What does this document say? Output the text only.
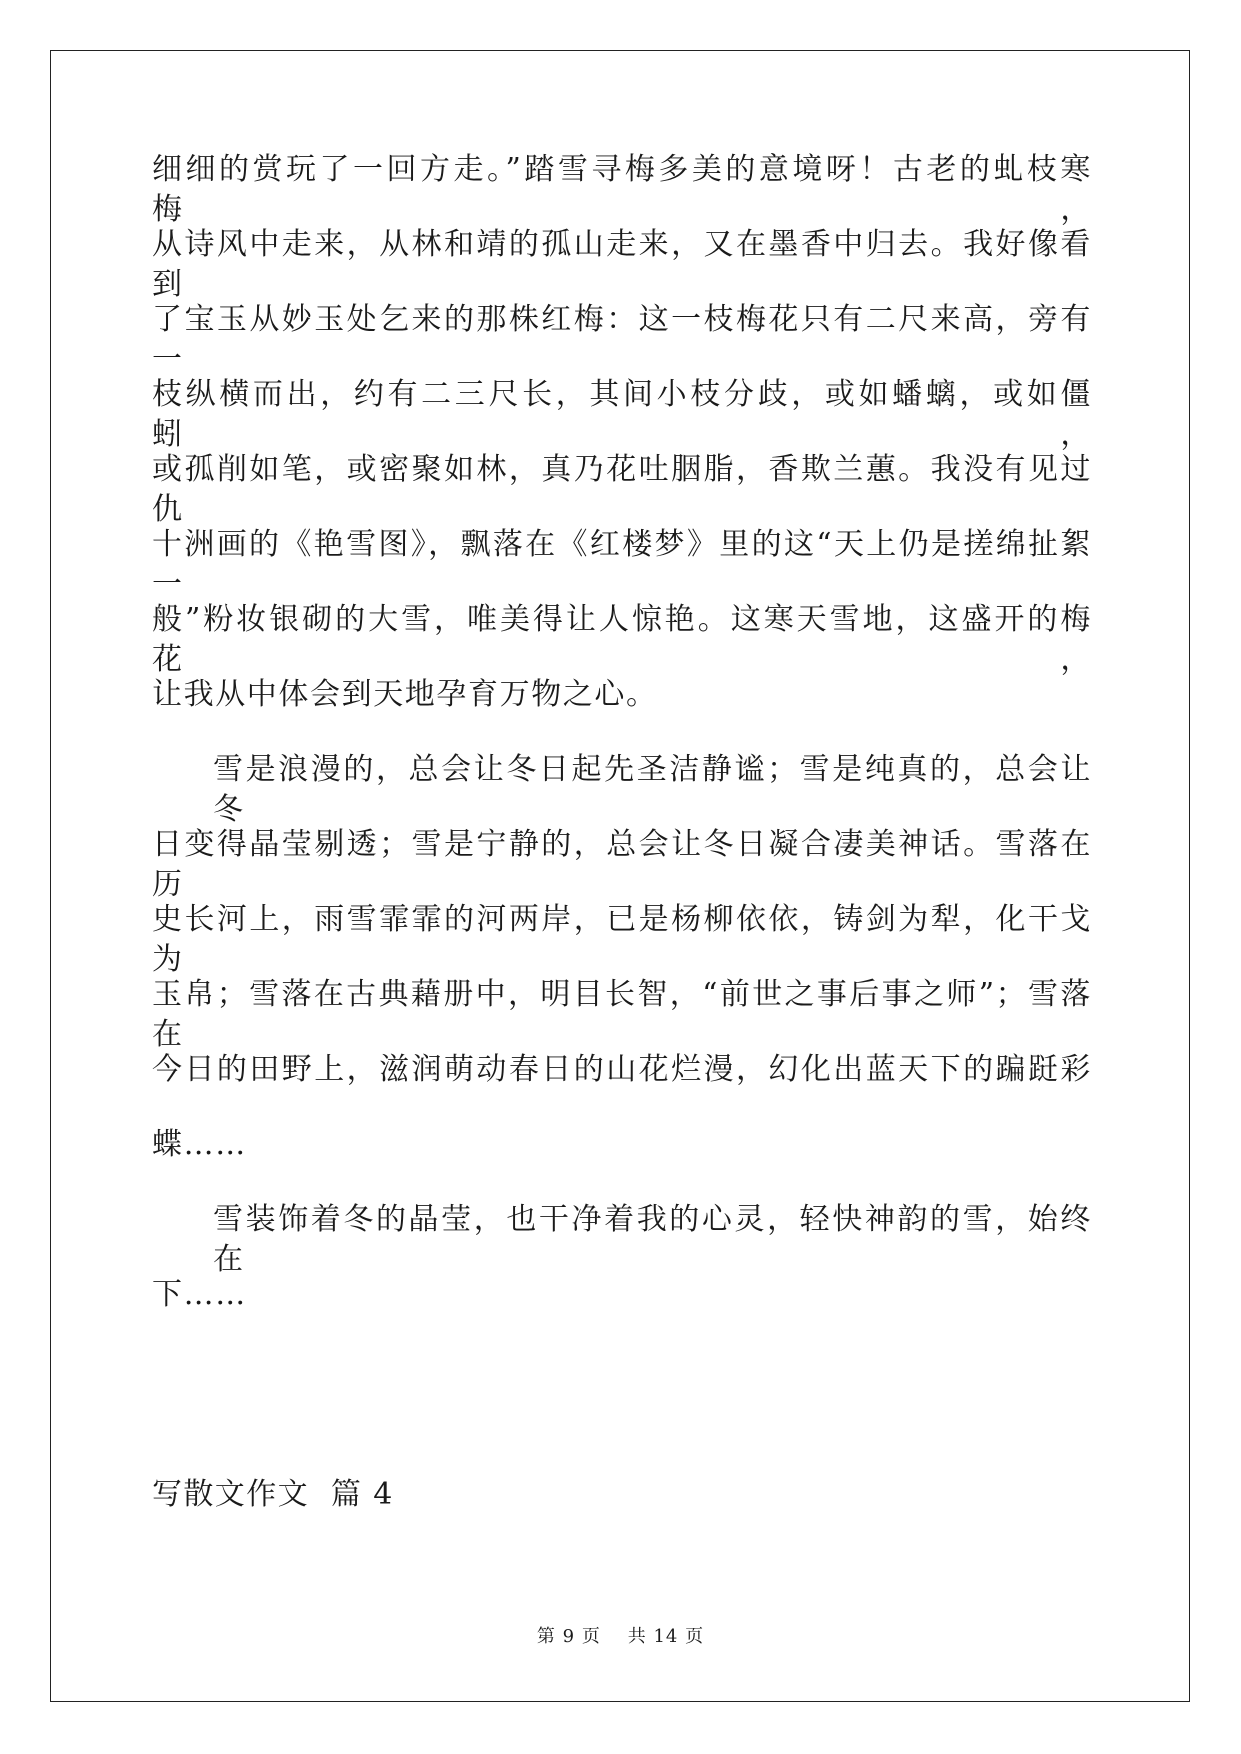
细细的赏玩了一回方走。”踏雪寻梅多美的意境呀！古老的虬枝寒梅，
从诗风中走来，从林和靖的孤山走来，又在墨香中归去。我好像看到
了宝玉从妙玉处乞来的那株红梅：这一枝梅花只有二尺来高，旁有一
枝纵横而出，约有二三尺长，其间小枝分歧，或如蟠螭，或如僵蚓，
或孤削如笔，或密聚如林，真乃花吐胭脂，香欺兰蕙。我没有见过仇
十洲画的《艳雪图》，飘落在《红楼梦》里的这“天上仍是搓绵扯絮一
般”粉妆银砌的大雪，唯美得让人惊艳。这寒天雪地，这盛开的梅花，
让我从中体会到天地孕育万物之心。
雪是浪漫的，总会让冬日起先圣洁静谧；雪是纯真的，总会让冬
日变得晶莹剔透；雪是宁静的，总会让冬日凝合凄美神话。雪落在历
史长河上，雨雪霏霏的河两岸，已是杨柳依依，铸剑为犁，化干戈为
玉帛；雪落在古典藉册中，明目长智，“前世之事后事之师”；雪落在
今日的田野上，滋润萌动春日的山花烂漫，幻化出蓝天下的蹁跹彩
蝶……
雪装饰着冬的晶莹，也干净着我的心灵，轻快神韵的雪，始终在
下……
写散文作文  篇 4
第 9 页 共 14 页
